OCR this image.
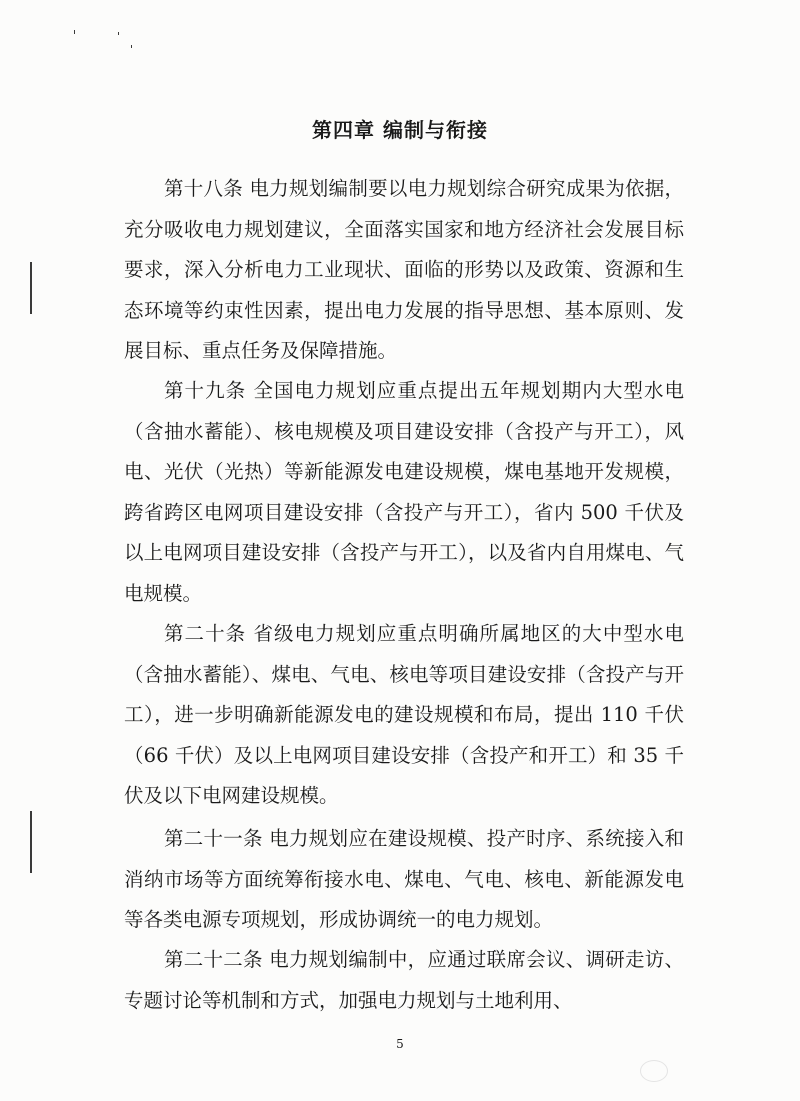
第四章 编制与衔接

第十八条 电力规划编制要以电力规划综合研究成果为依据，充分吸收电力规划建议，全面落实国家和地方经济社会发展目标要求，深入分析电力工业现状、面临的形势以及政策、资源和生态环境等约束性因素，提出电力发展的指导思想、基本原则、发展目标、重点任务及保障措施。

第十九条 全国电力规划应重点提出五年规划期内大型水电（含抽水蓄能）、核电规模及项目建设安排（含投产与开工），风电、光伏（光热）等新能源发电建设规模，煤电基地开发规模，跨省跨区电网项目建设安排（含投产与开工），省内 500 千伏及以上电网项目建设安排（含投产与开工），以及省内自用煤电、气电规模。

第二十条 省级电力规划应重点明确所属地区的大中型水电（含抽水蓄能）、煤电、气电、核电等项目建设安排（含投产与开工），进一步明确新能源发电的建设规模和布局，提出 110 千伏（66 千伏）及以上电网项目建设安排（含投产和开工）和 35 千伏及以下电网建设规模。

第二十一条 电力规划应在建设规模、投产时序、系统接入和消纳市场等方面统筹衔接水电、煤电、气电、核电、新能源发电等各类电源专项规划，形成协调统一的电力规划。

第二十二条 电力规划编制中，应通过联席会议、调研走访、专题讨论等机制和方式，加强电力规划与土地利用、

5
